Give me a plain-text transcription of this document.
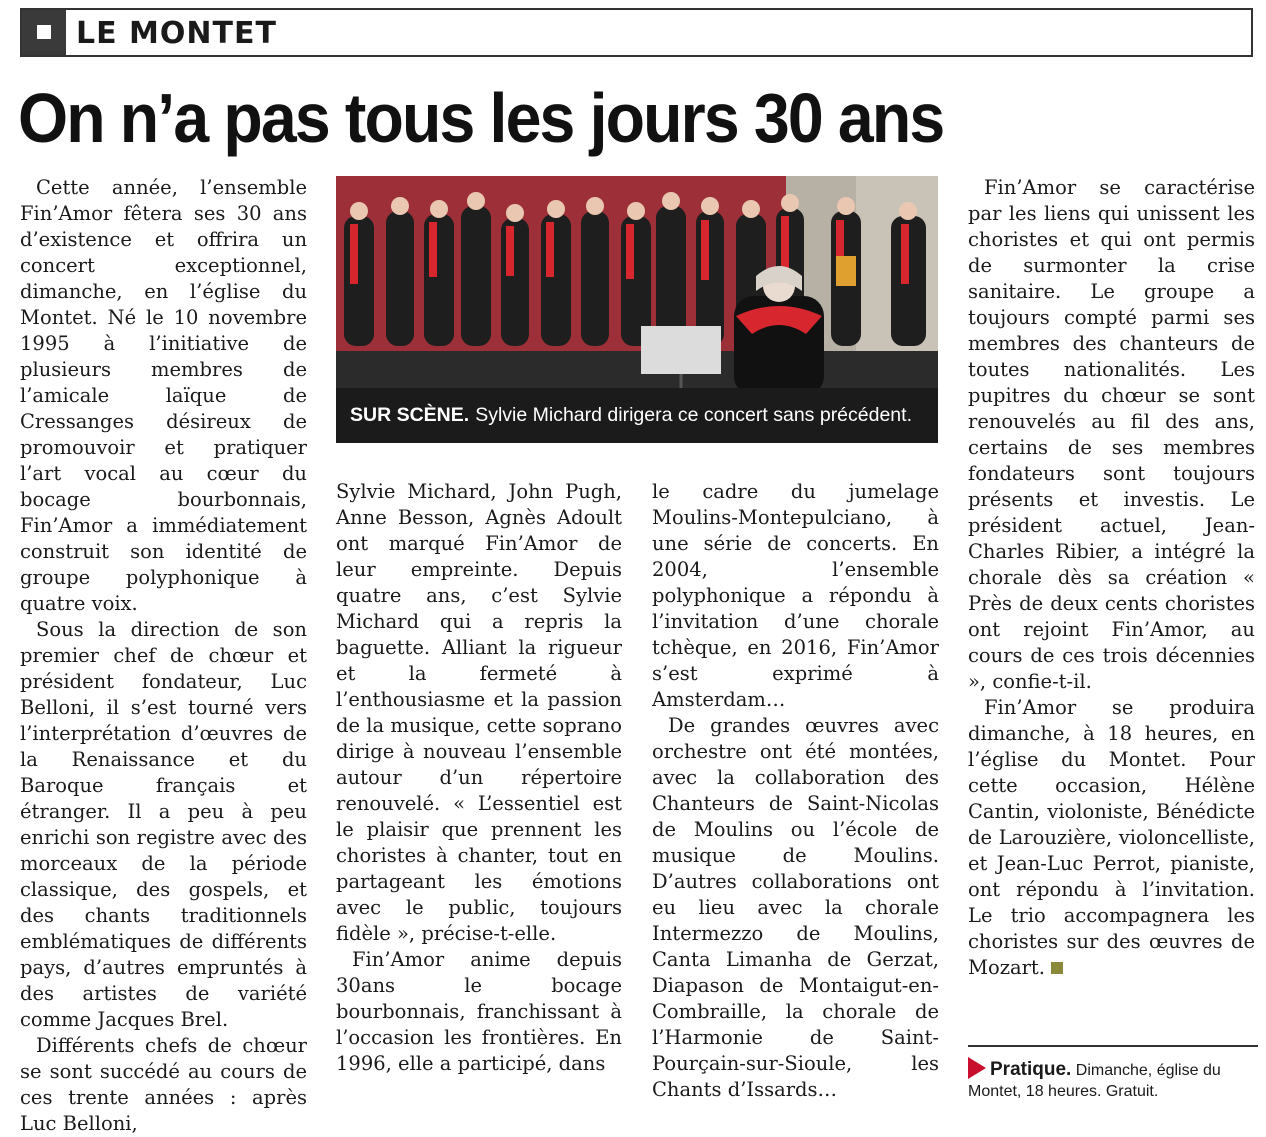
LE MONTET
On n’a pas tous les jours 30 ans

Cette année, l’ensemble Fin’Amor fêtera ses 30 ans d’existence et offrira un concert exceptionnel, dimanche, en l’église du Montet. Né le 10 novembre 1995 à l’initiative de plusieurs membres de l’amicale laïque de Cressanges désireux de promouvoir et pratiquer l’art vocal au cœur du bocage bourbonnais, Fin’Amor a immédiatement construit son identité de groupe polyphonique à quatre voix.

Sous la direction de son premier chef de chœur et président fondateur, Luc Belloni, il s’est tourné vers l’interprétation d’œuvres de la Renaissance et du Baroque français et étranger. Il a peu à peu enrichi son registre avec des morceaux de la période classique, des gospels, et des chants traditionnels emblématiques de différents pays, d’autres empruntés à des artistes de variété comme Jacques Brel.

Différents chefs de chœur se sont succédé au cours de ces trente années : après Luc Belloni,

SUR SCÈNE. Sylvie Michard dirigera ce concert sans précédent.

Sylvie Michard, John Pugh, Anne Besson, Agnès Adoult ont marqué Fin’Amor de leur empreinte. Depuis quatre ans, c’est Sylvie Michard qui a repris la baguette. Alliant la rigueur et la fermeté à l’enthousiasme et la passion de la musique, cette soprano dirige à nouveau l’ensemble autour d’un répertoire renouvelé. « L’essentiel est le plaisir que prennent les choristes à chanter, tout en partageant les émotions avec le public, toujours fidèle », précise-t-elle.

Fin’Amor anime depuis 30ans le bocage bourbonnais, franchissant à l’occasion les frontières. En 1996, elle a participé, dans

le cadre du jumelage Moulins-Montepulciano, à une série de concerts. En 2004, l’ensemble polyphonique a répondu à l’invitation d’une chorale tchèque, en 2016, Fin’Amor s’est exprimé à Amsterdam…

De grandes œuvres avec orchestre ont été montées, avec la collaboration des Chanteurs de Saint-Nicolas de Moulins ou l’école de musique de Moulins. D’autres collaborations ont eu lieu avec la chorale Intermezzo de Moulins, Canta Limanha de Gerzat, Diapason de Montaigut-en-Combraille, la chorale de l’Harmonie de Saint-Pourçain-sur-Sioule, les Chants d’Issards…

Fin’Amor se caractérise par les liens qui unissent les choristes et qui ont permis de surmonter la crise sanitaire. Le groupe a toujours compté parmi ses membres des chanteurs de toutes nationalités. Les pupitres du chœur se sont renouvelés au fil des ans, certains de ses membres fondateurs sont toujours présents et investis. Le président actuel, Jean-Charles Ribier, a intégré la chorale dès sa création « Près de deux cents choristes ont rejoint Fin’Amor, au cours de ces trois décennies », confie-t-il.

Fin’Amor se produira dimanche, à 18 heures, en l’église du Montet. Pour cette occasion, Hélène Cantin, violoniste, Bénédicte de Larouzière, violoncelliste, et Jean-Luc Perrot, pianiste, ont répondu à l’invitation. Le trio accompagnera les choristes sur des œuvres de Mozart.

Pratique. Dimanche, église du Montet, 18 heures. Gratuit.
